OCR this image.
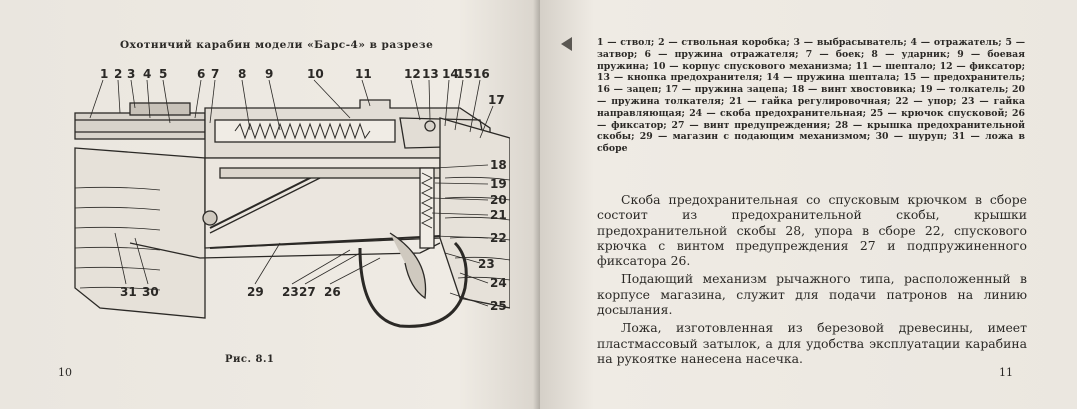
Охотничий карабин модели «Барс-4» в разрезе
1 2 3 4 5 6 7 8 9	10	11	12 13 14
15 16
17
18
19
20
21
22
23
24
25
26
27
23
29
30
31
Рис. 8.1
10
1 — ствол; 2 — ствольная коробка; 3 — выбрасыватель; 4 — отражатель; 5 — затвор; 6 — пружина отражателя; 7 — боек; 8 — ударник; 9 — боевая пружина; 10 — корпус спускового механизма; 11 — шептало; 12 — фиксатор; 13 — кнопка предохранителя; 14 — пружина шептала; 15 — предохранитель; 16 — зацеп; 17 — пружина зацепа; 18 — винт хвостовика; 19 — толкатель; 20 — пружина толкателя; 21 — гайка регулировочная; 22 — упор; 23 — гайка направляющая; 24 — скоба предохранительная; 25 — крючок спусковой; 26 — фиксатор; 27 — винт предупреждения; 28 — крышка предохранительной скобы; 29 — магазин с подающим механизмом; 30 — шуруп; 31 — ложа в сборе

Скоба предохранительная со спусковым крючком в сборе состоит из предохранительной скобы, крышки предохранительной скобы 28, упора в сборе 22, спускового крючка с винтом предупреждения 27 и подпружиненного фиксатора 26.

Подающий механизм рычажного типа, расположенный в корпусе магазина, служит для подачи патронов на линию досылания.

Ложа, изготовленная из березовой древесины, имеет пластмассовый затылок, а для удобства эксплуатации карабина на рукоятке нанесена насечка.

11
